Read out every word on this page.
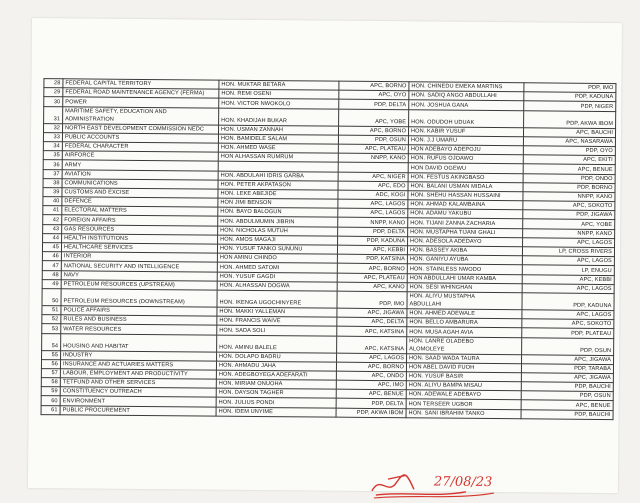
28	FEDERAL CAPITAL TERRITORY	HON. MUKTAR BETARA	APC, BORNO	HON. CHINEDU EMEKA MARTINS	PDP, IMO
29	FEDERAL ROAD MAINTENANCE AGENCY (FERMA)	HON. REMI OSENI	APC, OYO	HON. SADIQ ANGO ABDULLAHI	PDP, KADUNA
30	POWER	HON. VICTOR NWOKOLO	PDP, DELTA	HON. JOSHUA GANA	PDP, NIGER
31	MARITIME SAFETY, EDUCATION AND
ADMINISTRATION	HON. KHADIJAH BUKAR	APC, YOBE	HON. ODUDOH UDUAK	PDP, AKWA IBOM
32	NORTH EAST DEVELOPMENT COMMISSION NEDC	HON. USMAN ZANNAH	APC, BORNO	HON. KABIR YUSUF	APC, BAUCHI
33	PUBLIC ACCOUNTS	HON. BAMIDELE SALAM	PDP, OSUN	HON. J.J UMARU	APC, NASARAWA
34	FEDERAL CHARACTER	HON. AHMED WASE	APC, PLATEAU	HON ADEBAYO ADEPOJU	PDP, OYO
35	AIRFORCE	HON ALHASSAN RUMRUM	NNPP, KANO	HON. RUFUS OJOAWO	APC, EKITI
36	ARMY			HON DAVID OGEWU	APC, BENUE
37	AVIATION	HON. ABDULAHI IDRIS GARBA	APC, NIGER	HON. FESTUS AKINGBASO	PDP, ONDO
38	COMMUNICATIONS	HON. PETER AKPATASON	APC, EDO	HON. BALANI USMAN MIDALA	PDP, BORNO
39	CUSTOMS AND EXCISE	HON. LEKE ABEJIDE	ADC, KOGI	HON. SHEHU HASSAN HUSSAINI	NNPP, KANO
40	DEFENCE	HON JIMI BENSON	APC, LAGOS	HON. AHMAD KALAMBAINA	APC, SOKOTO
41	ELECTORAL MATTERS	HON. BAYO BALOGUN	APC, LAGOS	HON. ADAMU YAKUBU	PDP, JIGAWA
42	FOREIGN AFFAIRS	HON. ABDULMUMIN JIBRIN	NNPP, KANO	HON. TIJANI ZANNA ZACHARIA	APC, YOBE
43	GAS RESOURCES	HON. NICHOLAS MUTUH	PDP, DELTA	HON. MUSTAPHA TIJANI GHALI	NNPP, KANO
44	HEALTH INSTITUTIONS	HON. AMOS MAGAJI	PDP, KADUNA	HON. ADESOLA ADEDAYO	APC, LAGOS
45	HEALTHCARE SERVICES	HON. YUSUF TANKO SUNUNU	APC, KEBBI	HON. BASSEY AKIBA	LP, CROSS RIVERS
46	INTERIOR	HON AMINU CHINDO	PDP, KATSINA	HON. GANIYU AYUBA	APC, LAGOS
47	NATIONAL SECURITY AND INTELLIGENCE	HON. AHMED SATOMI	APC, BORNO	HON. STAINLESS NWODO	LP, ENUGU
48	NAVY	HON. YUSUF GAGDI	APC, PLATEAU	HON ABDULLAHI UMAR KAMBA	APC, KEBBI
49	PETROLEUM RESOURCES (UPSTREAM)	HON. ALHASSAN DOGWA	APC, KANO	HON. SESI WHINGHAN	APC, LAGOS
50	PETROLEUM RESOURCES (DOWNSTREAM)	HON. IKENGA UGOCHINYERE	PDP, IMO	HON. ALIYU MUSTAPHA
ABDULLAHI	PDP, KADUNA
51	POLICE AFFAIRS	HON. MAKKI YALLEMAN	APC, JIGAWA	HON. AHMED ADEWALE	APC, LAGOS
52	RULES AND BUSINESS	HON. FRANCIS WAIVE	APC, DELTA	HON. BELLO AMBARURA	APC, SOKOTO
53	WATER RESOURCES	HON. SADA SOLI	APC, KATSINA	HON. MUSA AGAH AVIA	PDP, PLATEAU
54	HOUSING AND HABITAT	HON. AMINU BALELE	APC, KATSINA	HON. LANRE OLADEBO
ALOMOLEYE	PDP, OSUN
55	INDUSTRY	HON. DOLAPO BADRU	APC, LAGOS	HON. SAAD WADA TAURA	APC, JIGAWA
56	INSURANCE AND ACTUARIES MATTERS	HON. AHMADU JAHA	APC, BORNO	HON ABEL DAVID FUOH	PDP, TARABA
57	LABOUR, EMPLOYMENT AND PRODUCTIVITY	HON. ADEGBOYEGA ADEFARATI	APC, ONDO	HON. YUSUF BASIR	APC, JIGAWA
58	TETFUND AND OTHER SERVICES	HON. MIRIAM ONUOHA	APC, IMO	HON. ALIYU BAMPA MISAU	PDP, BAUCHI
59	CONSTITUENCY OUTREACH	HON. DAYSON TAGHER	APC, BENUE	HON. ADEWALE ADEBAYO	PDP, OSUN
60	ENVIRONMENT	HON. JULIUS PONDI	PDP, DELTA	HON TERSEER UGBOR	APC, BENUE
61	PUBLIC PROCUREMENT	HON. IDEM UNYIME	PDP, AKWA IBOM	HON. SANI IBRAHIM TANKO	PDP, BAUCHI
27/08/23
